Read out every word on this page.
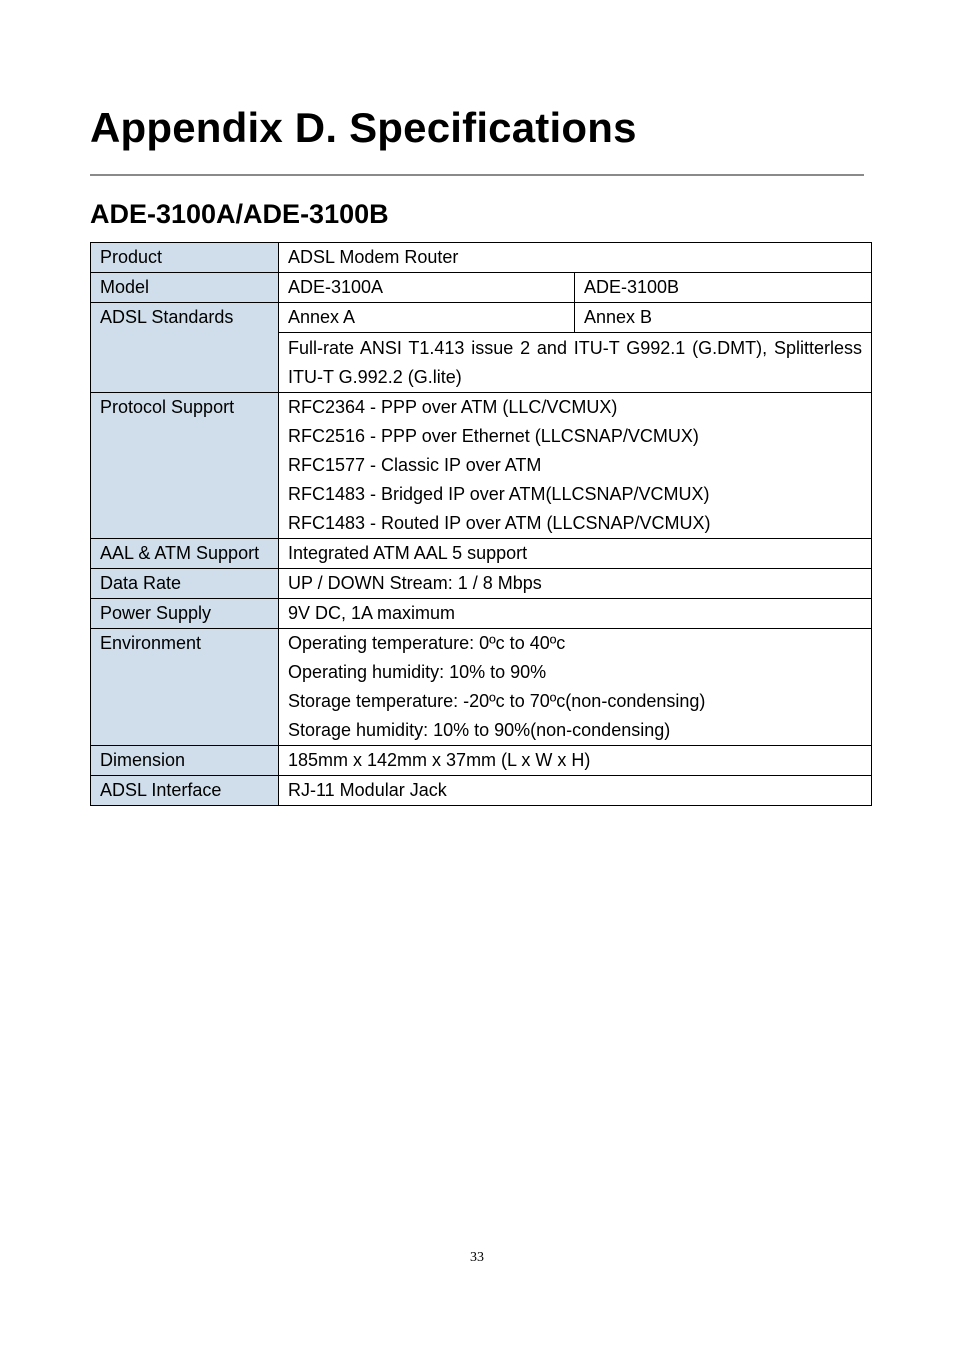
Appendix D. Specifications
ADE-3100A/ADE-3100B
Product	ADSL Modem Router	
Model	ADE-3100A	ADE-3100B
ADSL Standards	Annex A	Annex B

	Full-rate ANSI T1.413 issue 2 and ITU-T G992.1 (G.DMT), Splitterless ITU-T G.992.2 (G.lite)	

Protocol Support	RFC2364 - PPP over ATM (LLC/VCMUX)
RFC2516 - PPP over Ethernet (LLCSNAP/VCMUX)
RFC1577 - Classic IP over ATM
RFC1483 - Bridged IP over ATM(LLCSNAP/VCMUX)
RFC1483 - Routed IP over ATM (LLCSNAP/VCMUX)	

AAL & ATM Support	Integrated ATM AAL 5 support	
Data Rate	UP / DOWN Stream: 1 / 8 Mbps	
Power Supply	9V DC, 1A maximum	
Environment	Operating temperature: 0ºc to 40ºc
Operating humidity: 10% to 90%
Storage temperature: -20ºc to 70ºc(non-condensing)
Storage humidity: 10% to 90%(non-condensing)	

Dimension	185mm x 142mm x 37mm (L x W x H)	
ADSL Interface	RJ-11 Modular Jack	
33
